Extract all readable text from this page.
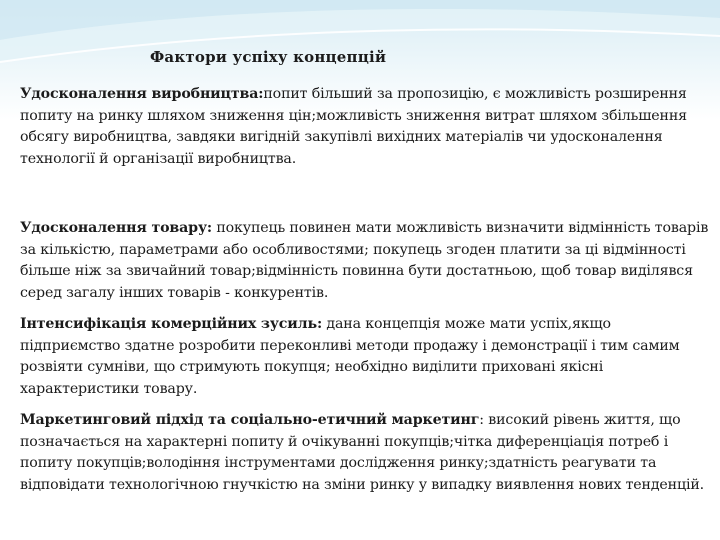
Фактори успіху концепцій
Удосконалення виробництва:попит більший за пропозицію, є можливість розширення попиту на ринку шляхом зниження цін;можливість зниження витрат шляхом збільшення обсягу виробництва, завдяки вигідній закупівлі вихідних матеріалів чи удосконалення технології й організації виробництва.
Удосконалення товару: покупець повинен мати можливість визначити відмінність товарів за кількістю, параметрами або особливостями; покупець згоден платити за ці відмінності більше ніж за звичайний товар;відмінність повинна бути достатньою, щоб товар виділявся серед загалу інших товарів - конкурентів.
Інтенсифікація комерційних зусиль: дана концепція може мати успіх,якщо підприємство здатне розробити переконливі методи продажу і демонстрації і тим самим розвіяти сумніви, що стримують покупця; необхідно виділити приховані якісні характеристики товару.
Маркетинговий підхід та соціально-етичний маркетинг: високий рівень життя, що позначається на характерні попиту й очікуванні покупців;чітка диференціація потреб і попиту покупців;володіння інструментами дослідження ринку;здатність реагувати та відповідати технологічною гнучкістю на зміни ринку у випадку виявлення нових тенденцій.
